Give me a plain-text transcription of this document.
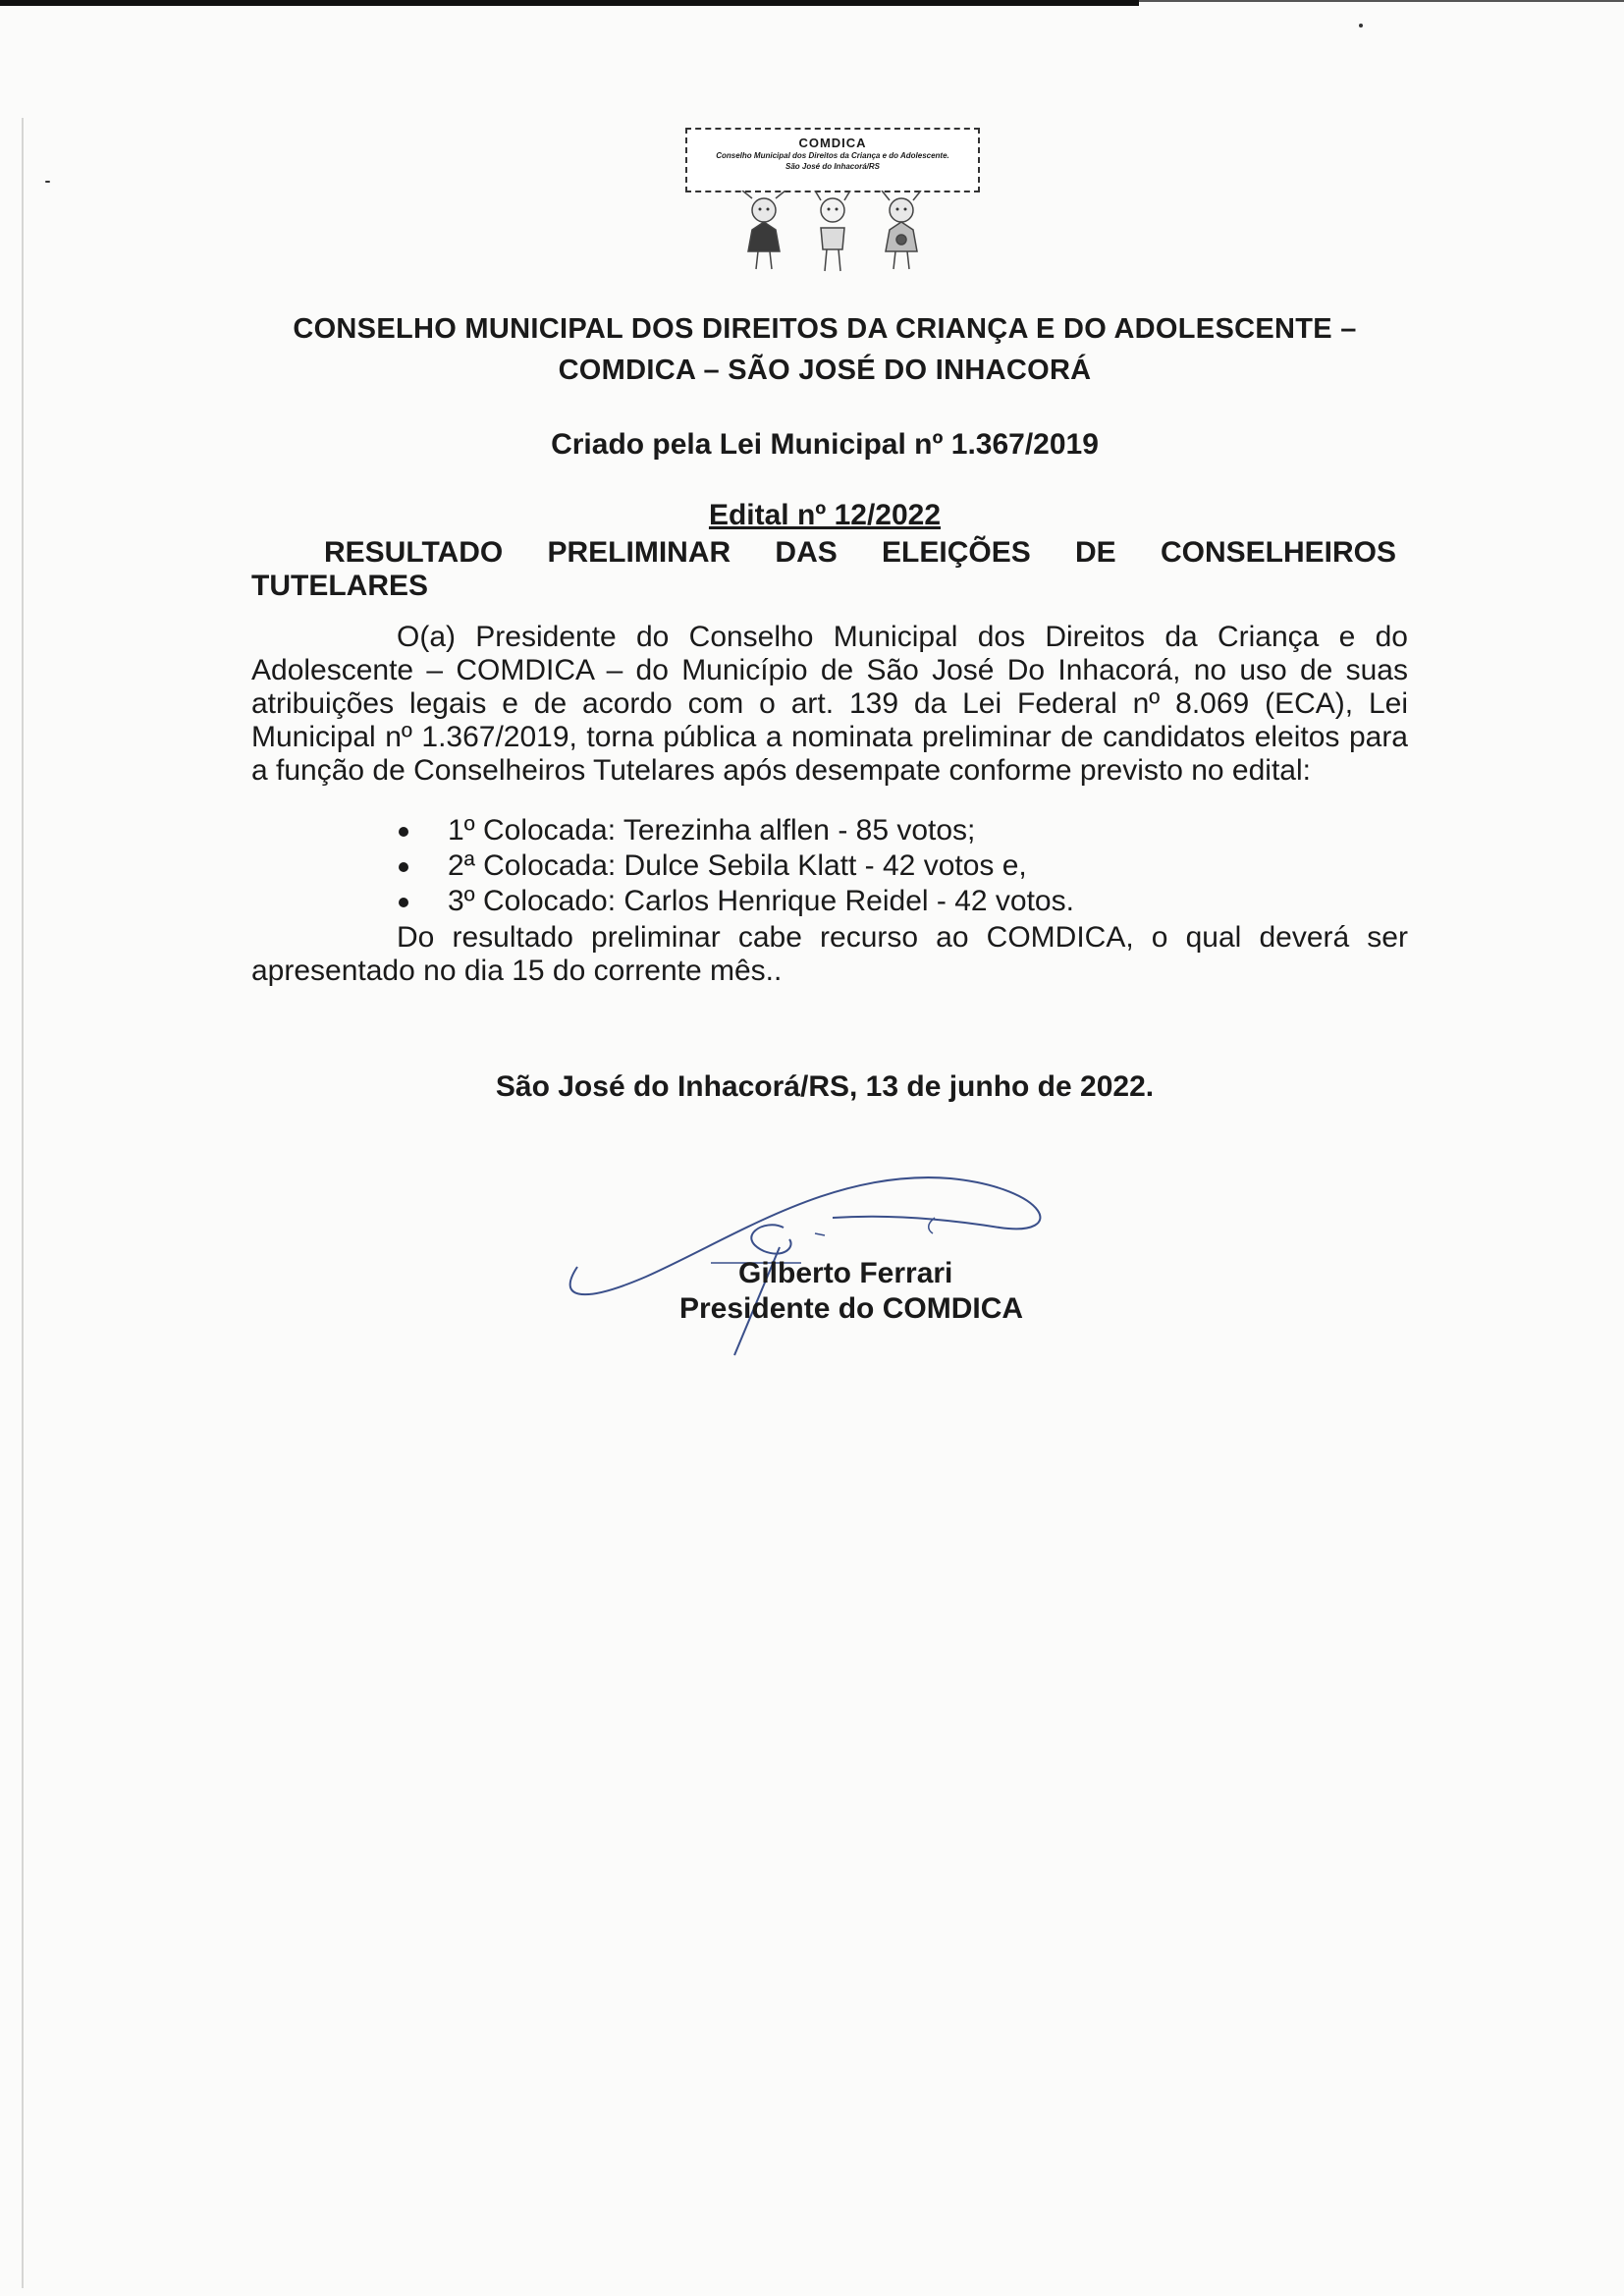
COMDICA
Conselho Municipal dos Direitos da Criança e do Adolescente.
São José do Inhacorá/RS
CONSELHO MUNICIPAL DOS DIREITOS DA CRIANÇA E DO ADOLESCENTE –
COMDICA – SÃO JOSÉ DO INHACORÁ
Criado pela Lei Municipal nº 1.367/2019
Edital nº 12/2022
RESULTADO PRELIMINAR DAS ELEIÇÕES DE CONSELHEIROS
TUTELARES
O(a) Presidente do Conselho Municipal dos Direitos da Criança e do Adolescente – COMDICA – do Município de São José Do Inhacorá, no uso de suas atribuições legais e de acordo com o art. 139 da Lei Federal nº 8.069 (ECA), Lei Municipal nº 1.367/2019, torna pública a nominata preliminar de candidatos eleitos para a função de Conselheiros Tutelares após desempate conforme previsto no edital:
1º Colocada: Terezinha alflen - 85 votos;
2ª Colocada: Dulce Sebila Klatt - 42 votos e,
3º Colocado: Carlos Henrique Reidel - 42 votos.
Do resultado preliminar cabe recurso ao COMDICA, o qual deverá ser apresentado no dia 15 do corrente mês..
São José do Inhacorá/RS, 13 de junho de 2022.
Gilberto Ferrari
Presidente do COMDICA
